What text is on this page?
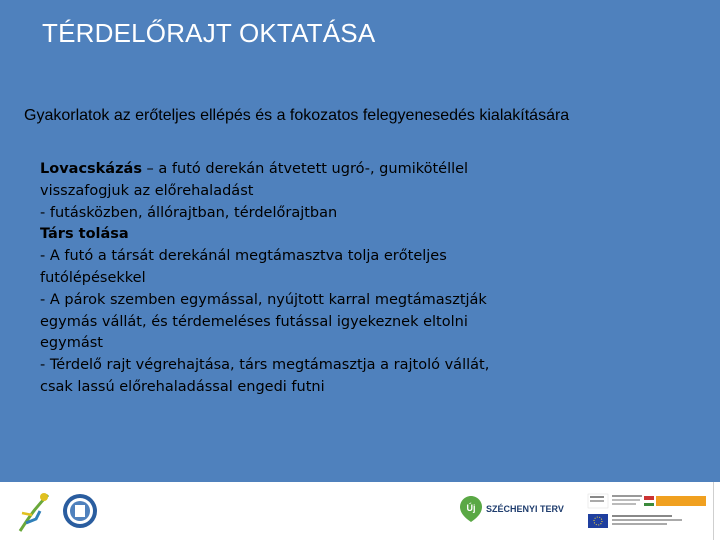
TÉRDELŐRAJT OKTATÁSA

Gyakorlatok az erőteljes ellépés és a fokozatos felegyenesedés kialakítására

Lovacskázás – a futó derekán átvetett ugró-, gumikötéllel
visszafogjuk az előrehaladást
- futásközben, állórajtban, térdelőrajtban
Társ tolása
- A futó a társát derekánál megtámasztva tolja erőteljes
futólépésekkel
- A párok szemben egymással, nyújtott karral megtámasztják
egymás vállát, és térdemeléses futással igyekeznek eltolni
egymást
- Térdelő rajt végrehajtása, társ megtámasztja a rajtoló vállát,
csak lassú előrehaladással engedi futni
Új SZÉCHENYI TERV
